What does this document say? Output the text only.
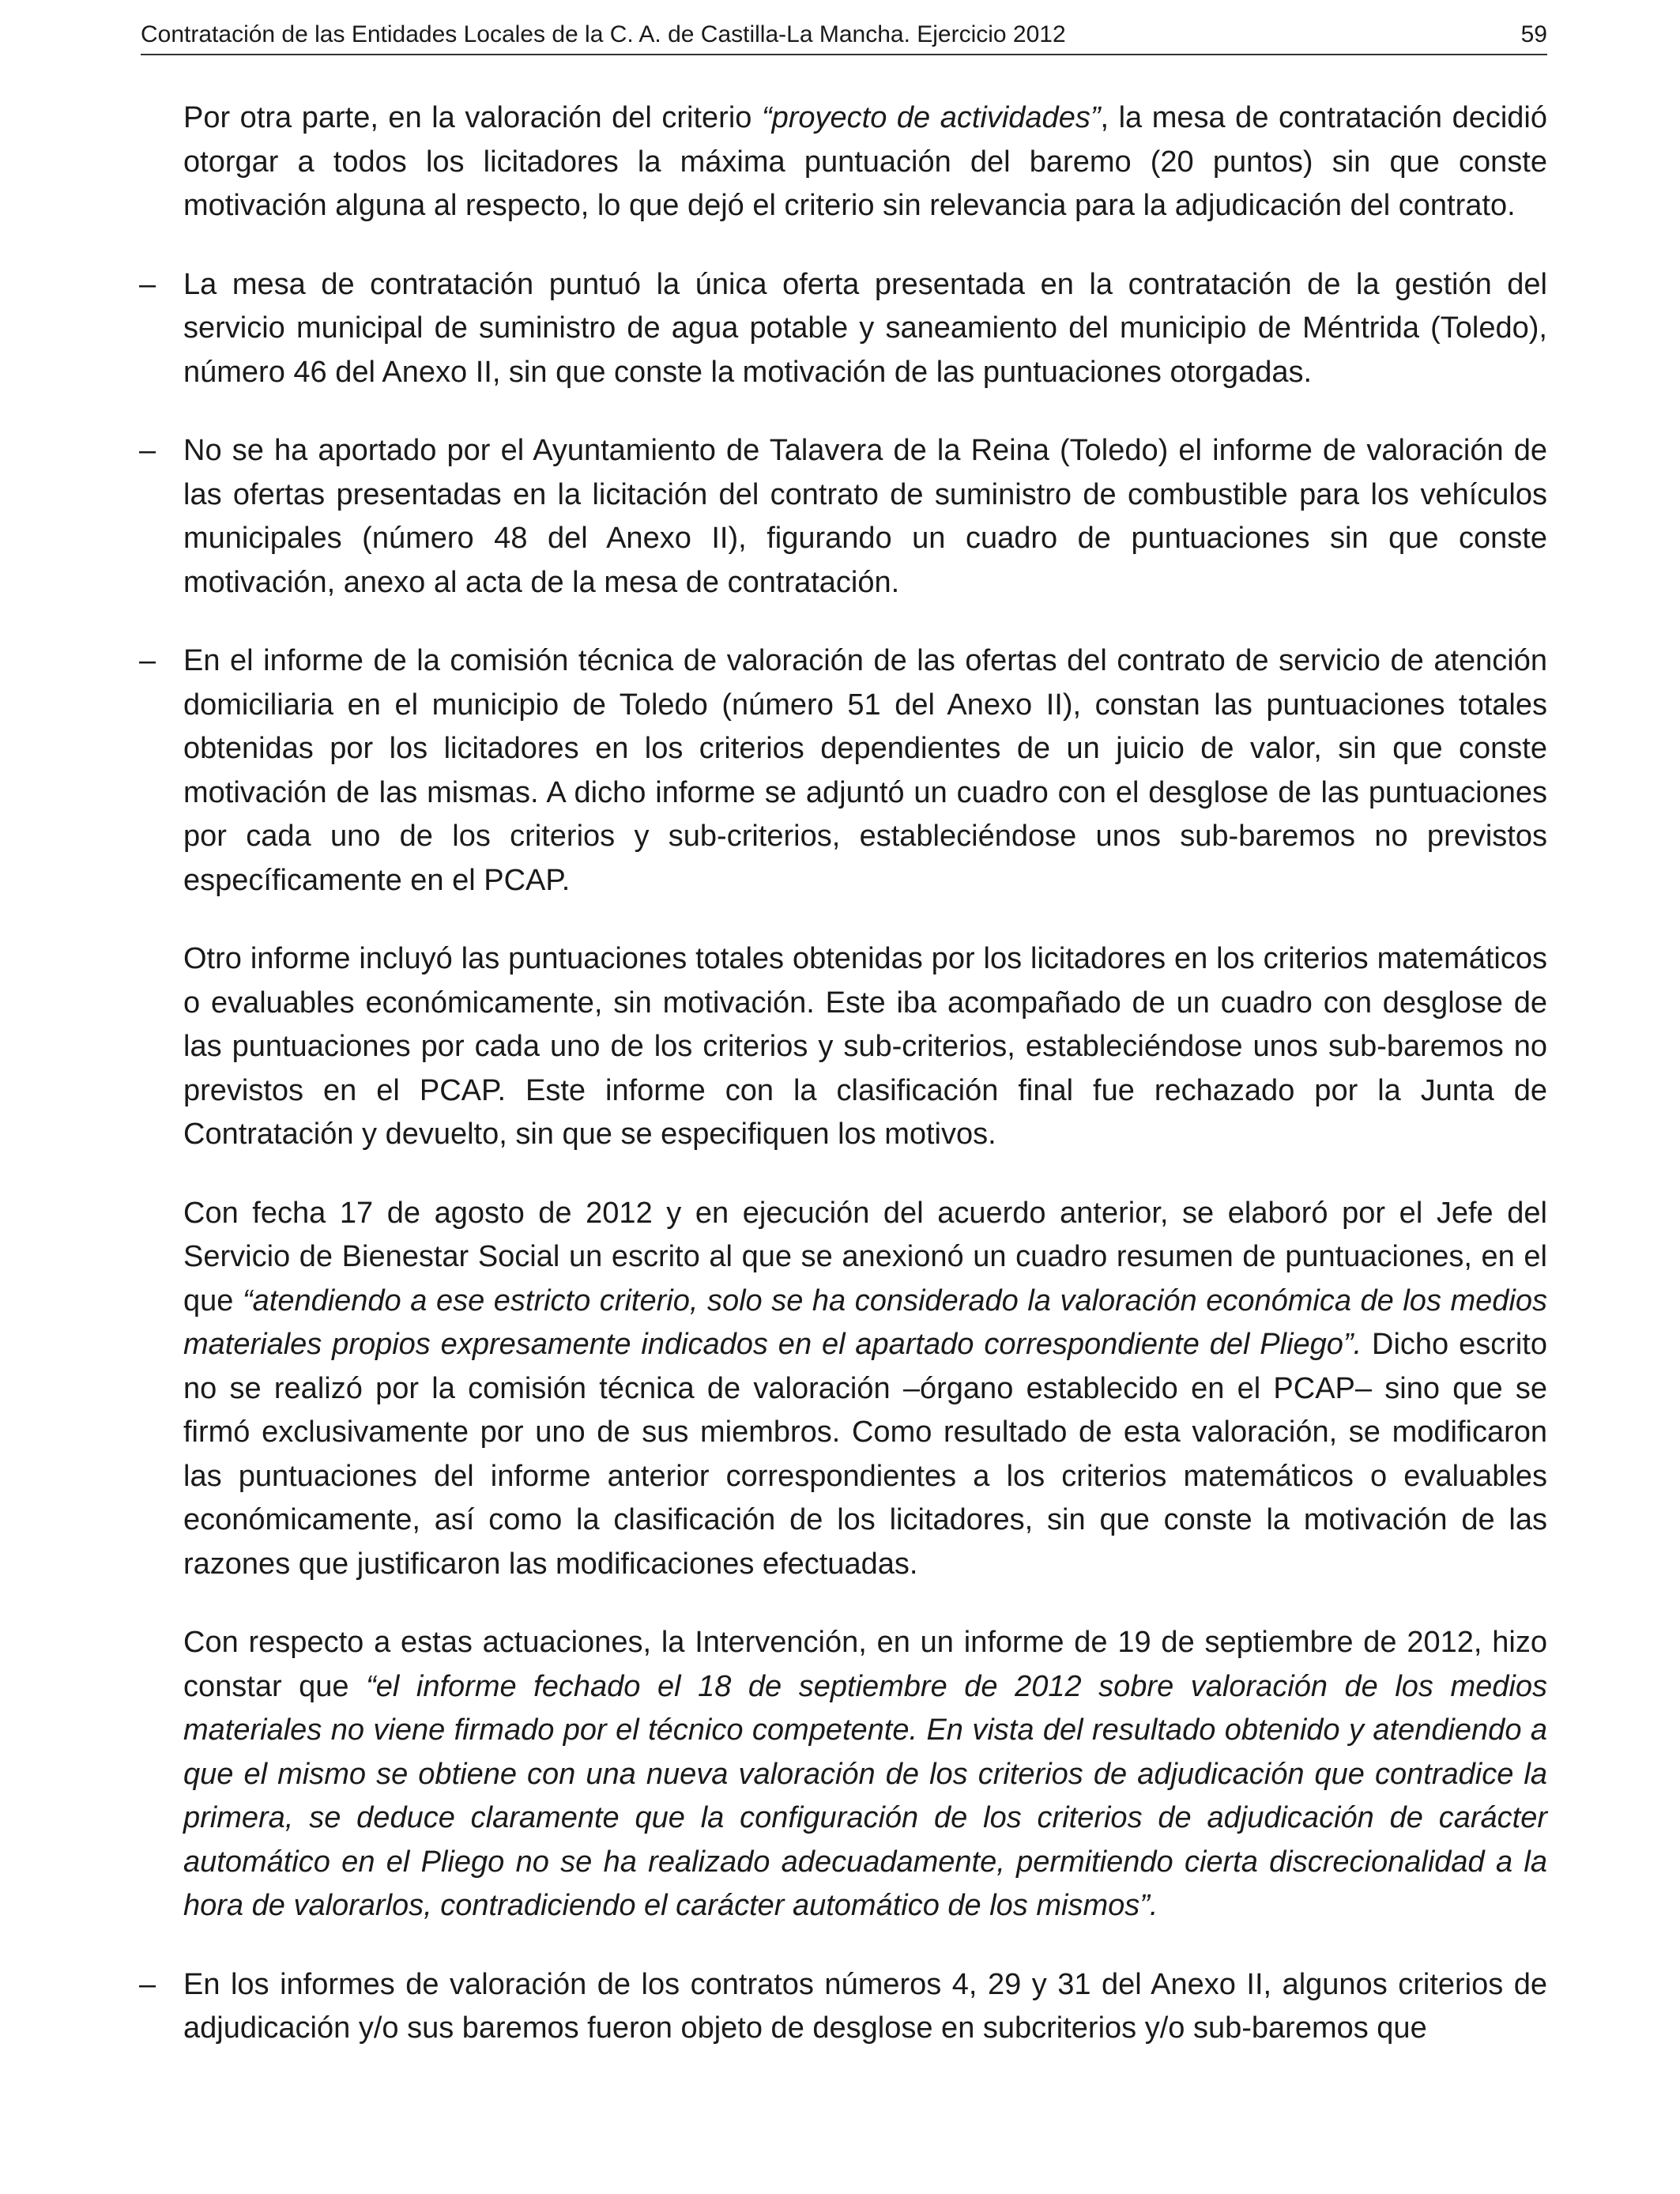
Contratación de las Entidades Locales de la C. A. de Castilla-La Mancha. Ejercicio 2012	59

Por otra parte, en la valoración del criterio “proyecto de actividades”, la mesa de contratación decidió otorgar a todos los licitadores la máxima puntuación del baremo (20 puntos) sin que conste motivación alguna al respecto, lo que dejó el criterio sin relevancia para la adjudicación del contrato.

– La mesa de contratación puntuó la única oferta presentada en la contratación de la gestión del servicio municipal de suministro de agua potable y saneamiento del municipio de Méntrida (Toledo), número 46 del Anexo II, sin que conste la motivación de las puntuaciones otorgadas.

– No se ha aportado por el Ayuntamiento de Talavera de la Reina (Toledo) el informe de valoración de las ofertas presentadas en la licitación del contrato de suministro de combustible para los vehículos municipales (número 48 del Anexo II), figurando un cuadro de puntuaciones sin que conste motivación, anexo al acta de la mesa de contratación.

– En el informe de la comisión técnica de valoración de las ofertas del contrato de servicio de atención domiciliaria en el municipio de Toledo (número 51 del Anexo II), constan las puntuaciones totales obtenidas por los licitadores en los criterios dependientes de un juicio de valor, sin que conste motivación de las mismas. A dicho informe se adjuntó un cuadro con el desglose de las puntuaciones por cada uno de los criterios y sub-criterios, estableciéndose unos sub-baremos no previstos específicamente en el PCAP.

Otro informe incluyó las puntuaciones totales obtenidas por los licitadores en los criterios matemáticos o evaluables económicamente, sin motivación. Este iba acompañado de un cuadro con desglose de las puntuaciones por cada uno de los criterios y sub-criterios, estableciéndose unos sub-baremos no previstos en el PCAP. Este informe con la clasificación final fue rechazado por la Junta de Contratación y devuelto, sin que se especifiquen los motivos.

Con fecha 17 de agosto de 2012 y en ejecución del acuerdo anterior, se elaboró por el Jefe del Servicio de Bienestar Social un escrito al que se anexionó un cuadro resumen de puntuaciones, en el que “atendiendo a ese estricto criterio, solo se ha considerado la valoración económica de los medios materiales propios expresamente indicados en el apartado correspondiente del Pliego”. Dicho escrito no se realizó por la comisión técnica de valoración –órgano establecido en el PCAP– sino que se firmó exclusivamente por uno de sus miembros. Como resultado de esta valoración, se modificaron las puntuaciones del informe anterior correspondientes a los criterios matemáticos o evaluables económicamente, así como la clasificación de los licitadores, sin que conste la motivación de las razones que justificaron las modificaciones efectuadas.

Con respecto a estas actuaciones, la Intervención, en un informe de 19 de septiembre de 2012, hizo constar que “el informe fechado el 18 de septiembre de 2012 sobre valoración de los medios materiales no viene firmado por el técnico competente. En vista del resultado obtenido y atendiendo a que el mismo se obtiene con una nueva valoración de los criterios de adjudicación que contradice la primera, se deduce claramente que la configuración de los criterios de adjudicación de carácter automático en el Pliego no se ha realizado adecuadamente, permitiendo cierta discrecionalidad a la hora de valorarlos, contradiciendo el carácter automático de los mismos”.

– En los informes de valoración de los contratos números 4, 29 y 31 del Anexo II, algunos criterios de adjudicación y/o sus baremos fueron objeto de desglose en subcriterios y/o sub-baremos que
